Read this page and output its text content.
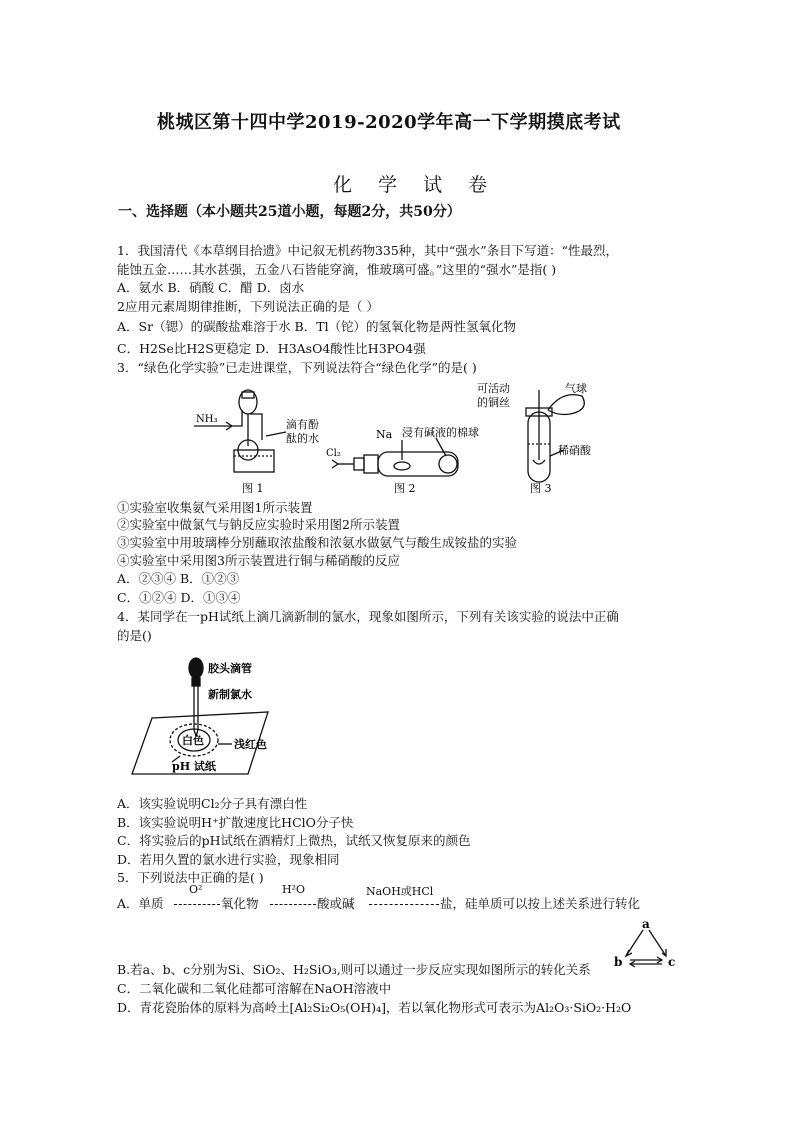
桃城区第十四中学2019-2020学年高一下学期摸底考试
化 学 试 卷
一、选择题（本小题共25道小题，每题2分，共50分）
1．我国清代《本草纲目拾遗》中记叙无机药物335种，其中“强水”条目下写道：“性最烈，
能蚀五金……其水甚强，五金八石皆能穿滴，惟玻璃可盛。”这里的“强水”是指( )
A．氨水 B．硝酸 C．醋 D．卤水
2应用元素周期律推断，下列说法正确的是（ ）
A．Sr（锶）的碳酸盐难溶于水 B．Tl（铊）的氢氧化物是两性氢氧化物
C．H2Se比H2S更稳定 D．H3AsO4酸性比H3PO4强
3．“绿色化学实验”已走进课堂，下列说法符合“绿色化学”的是( )
NH₃	滴有酚
酞的水	Na
Cl₂
浸有碱液的棉球
可活动
的铜丝
气球
稀硝酸
图 1	图 2	图 3
①实验室收集氨气采用图1所示装置
②实验室中做氯气与钠反应实验时采用图2所示装置
③实验室中用玻璃棒分别蘸取浓盐酸和浓氨水做氨气与酸生成铵盐的实验
④实验室中采用图3所示装置进行铜与稀硝酸的反应
A．②③④ B．①②③
C．①②④ D．①③④
4．某同学在一pH试纸上滴几滴新制的氯水，现象如图所示，下列有关该实验的说法中正确
的是()
胶头滴管
新制氯水
白色	浅红色
pH 试纸
A．该实验说明Cl₂分子具有漂白性
B．该实验说明H⁺扩散速度比HClO分子快
C．将实验后的pH试纸在酒精灯上微热，试纸又恢复原来的颜色
D．若用久置的氯水进行实验，现象相同
5．下列说法中正确的是( )
A．单质
O²
氧化物
H²O
酸或碱
NaOH或HCl
盐，硅单质可以按上述关系进行转化
a
b	c
B.若a、b、c分别为Si、SiO₂、H₂SiO₃,则可以通过一步反应实现如图所示的转化关系
C．二氧化碳和二氧化硅都可溶解在NaOH溶液中
D．青花瓷胎体的原料为高岭土[Al₂Si₂O₅(OH)₄]，若以氧化物形式可表示为Al₂O₃·SiO₂·H₂O
